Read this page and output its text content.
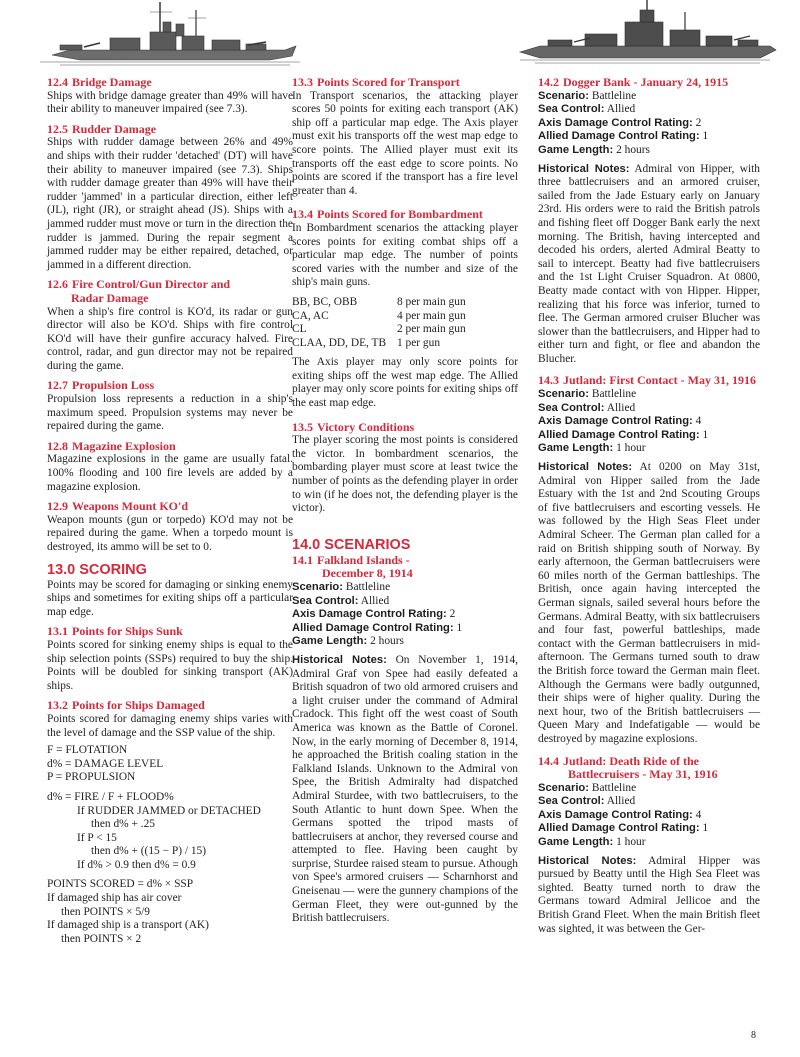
12.4 Bridge Damage
Ships with bridge damage greater than 49% will have their ability to maneuver impaired (see 7.3).
12.5 Rudder Damage
Ships with rudder damage between 26% and 49% and ships with their rudder 'detached' (DT) will have their ability to maneuver impaired (see 7.3). Ships with rudder damage greater than 49% will have their rudder 'jammed' in a particular direction, either left (JL), right (JR), or straight ahead (JS). Ships with a jammed rudder must move or turn in the direction the rudder is jammed. During the repair segment a jammed rudder may be either repaired, detached, or jammed in a different direction.
12.6 Fire Control/Gun Director and
Radar Damage
When a ship's fire control is KO'd, its radar or gun director will also be KO'd. Ships with fire control KO'd will have their gunfire accuracy halved. Fire control, radar, and gun director may not be repaired during the game.
12.7 Propulsion Loss
Propulsion loss represents a reduction in a ship's maximum speed. Propulsion systems may never be repaired during the game.
12.8 Magazine Explosion
Magazine explosions in the game are usually fatal. 100% flooding and 100 fire levels are added by a magazine explosion.
12.9 Weapons Mount KO'd
Weapon mounts (gun or torpedo) KO'd may not be repaired during the game. When a torpedo mount is destroyed, its ammo will be set to 0.
13.0 SCORING
Points may be scored for damaging or sinking enemy ships and sometimes for exiting ships off a particular map edge.
13.1 Points for Ships Sunk
Points scored for sinking enemy ships is equal to the ship selection points (SSPs) required to buy the ship. Points will be doubled for sinking transport (AK) ships.
13.2 Points for Ships Damaged
Points scored for damaging enemy ships varies with the level of damage and the SSP value of the ship.
F = FLOTATION
d% = DAMAGE LEVEL
P = PROPULSION
d% = FIRE / F + FLOOD%
If RUDDER JAMMED or DETACHED
then d% + .25
If P < 15
then d% + ((15 − P) / 15)
If d% > 0.9 then d% = 0.9
POINTS SCORED = d% × SSP
If damaged ship has air cover
then POINTS × 5/9
If damaged ship is a transport (AK)
then POINTS × 2
13.3 Points Scored for Transport
In Transport scenarios, the attacking player scores 50 points for exiting each transport (AK) ship off a particular map edge. The Axis player must exit his transports off the west map edge to score points. The Allied player must exit its transports off the east edge to score points. No points are scored if the transport has a fire level greater than 4.
13.4 Points Scored for Bombardment
In Bombardment scenarios the attacking player scores points for exiting combat ships off a particular map edge. The number of points scored varies with the number and size of the ship's main guns.
BB, BC, OBB	8 per main gun
CA, AC	4 per main gun
CL	2 per main gun
CLAA, DD, DE, TB 1 per gun
The Axis player may only score points for exiting ships off the west map edge. The Allied player may only score points for exiting ships off the east map edge.
13.5 Victory Conditions
The player scoring the most points is considered the victor. In bombardment scenarios, the bombarding player must score at least twice the number of points as the defending player in order to win (if he does not, the defending player is the victor).
14.0 SCENARIOS
14.1 Falkland Islands -
December 8, 1914
Scenario: Battleline
Sea Control: Allied
Axis Damage Control Rating: 2
Allied Damage Control Rating: 1
Game Length: 2 hours
Historical Notes: On November 1, 1914, Admiral Graf von Spee had easily defeated a British squadron of two old armored cruisers and a light cruiser under the command of Admiral Cradock. This fight off the west coast of South America was known as the Battle of Coronel. Now, in the early morning of December 8, 1914, he approached the British coaling station in the Falkland Islands. Unknown to the Admiral von Spee, the British Admiralty had dispatched Admiral Sturdee, with two battlecruisers, to the South Atlantic to hunt down Spee. When the Germans spotted the tripod masts of battlecruisers at anchor, they reversed course and attempted to flee. Having been caught by surprise, Sturdee raised steam to pursue. Athough von Spee's armored cruisers — Scharnhorst and Gneisenau — were the gunnery champions of the German Fleet, they were out-gunned by the British battlecruisers.
14.2 Dogger Bank - January 24, 1915
Scenario: Battleline
Sea Control: Allied
Axis Damage Control Rating: 2
Allied Damage Control Rating: 1
Game Length: 2 hours
Historical Notes: Admiral von Hipper, with three battlecruisers and an armored cruiser, sailed from the Jade Estuary early on January 23rd. His orders were to raid the British patrols and fishing fleet off Dogger Bank early the next morning. The British, having intercepted and decoded his orders, alerted Admiral Beatty to sail to intercept. Beatty had five battlecruisers and the 1st Light Cruiser Squadron. At 0800, Beatty made contact with von Hipper. Hipper, realizing that his force was inferior, turned to flee. The German armored cruiser Blucher was slower than the battlecruisers, and Hipper had to either turn and fight, or flee and abandon the Blucher.
14.3 Jutland: First Contact - May 31, 1916
Scenario: Battleline
Sea Control: Allied
Axis Damage Control Rating: 4
Allied Damage Control Rating: 1
Game Length: 1 hour
Historical Notes: At 0200 on May 31st, Admiral von Hipper sailed from the Jade Estuary with the 1st and 2nd Scouting Groups of five battlecruisers and escorting vessels. He was followed by the High Seas Fleet under Admiral Scheer. The German plan called for a raid on British shipping south of Norway. By early afternoon, the German battlecruisers were 60 miles north of the German battleships. The British, once again having intercepted the German signals, sailed several hours before the Germans. Admiral Beatty, with six battlecruisers and four fast, powerful battleships, made contact with the German battlecruisers in mid-afternoon. The Germans turned south to draw the British force toward the German main fleet. Although the Germans were badly outgunned, their ships were of higher quality. During the next hour, two of the British battlecruisers — Queen Mary and Indefatigable — would be destroyed by magazine explosions.
14.4 Jutland: Death Ride of the
Battlecruisers - May 31, 1916
Scenario: Battleline
Sea Control: Allied
Axis Damage Control Rating: 4
Allied Damage Control Rating: 1
Game Length: 1 hour
Historical Notes: Admiral Hipper was pursued by Beatty until the High Sea Fleet was sighted. Beatty turned north to draw the Germans toward Admiral Jellicoe and the British Grand Fleet. When the main British fleet was sighted, it was between the Ger-
8
